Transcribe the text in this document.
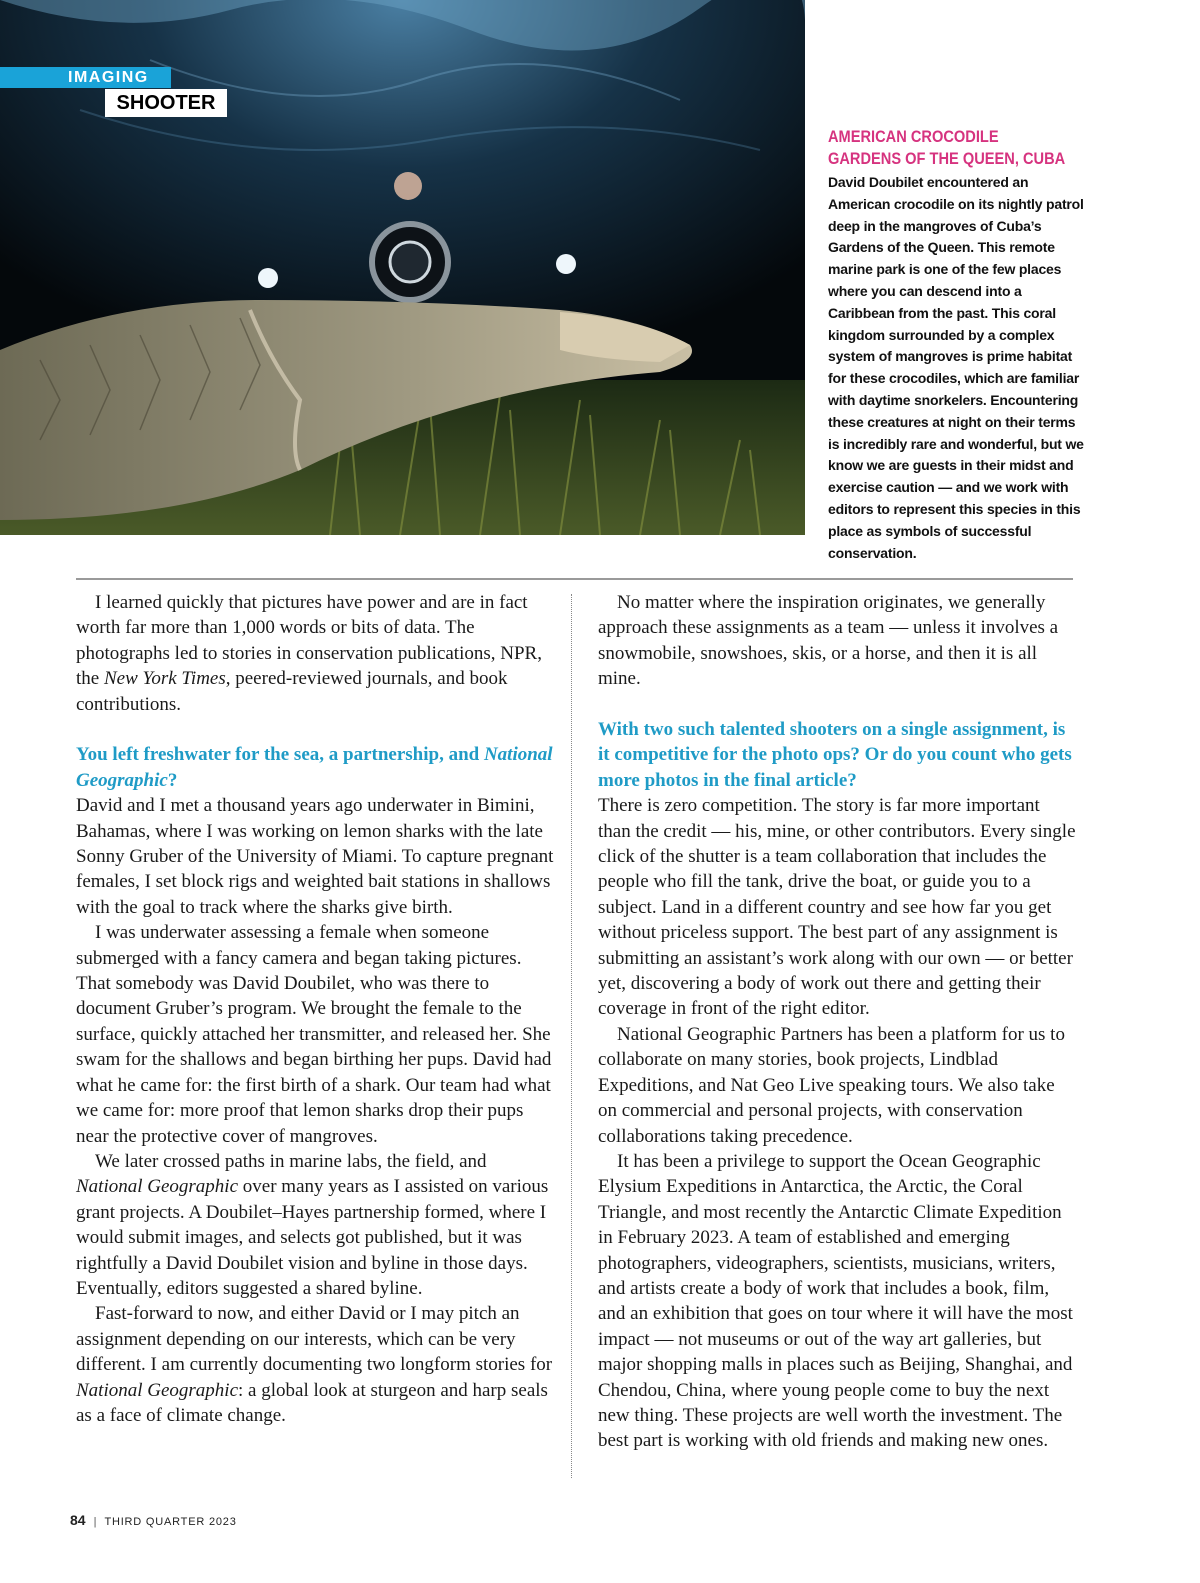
IMAGING
SHOOTER
AMERICAN CROCODILE
GARDENS OF THE QUEEN, CUBA
David Doubilet encountered an American crocodile on its nightly patrol deep in the mangroves of Cuba’s Gardens of the Queen. This remote marine park is one of the few places where you can descend into a Caribbean from the past. This coral kingdom surrounded by a complex system of mangroves is prime habitat for these crocodiles, which are familiar with daytime snorkelers. Encountering these creatures at night on their terms is incredibly rare and wonderful, but we know we are guests in their midst and exercise caution — and we work with editors to represent this species in this place as symbols of successful conservation.

I learned quickly that pictures have power and are in fact worth far more than 1,000 words or bits of data. The photographs led to stories in conservation publications, NPR, the New York Times, peered-reviewed journals, and book contributions.

You left freshwater for the sea, a partnership, and National Geographic?

David and I met a thousand years ago underwater in Bimini, Bahamas, where I was working on lemon sharks with the late Sonny Gruber of the University of Miami. To capture pregnant females, I set block rigs and weighted bait stations in shallows with the goal to track where the sharks give birth.

I was underwater assessing a female when someone submerged with a fancy camera and began taking pictures. That somebody was David Doubilet, who was there to document Gruber’s program. We brought the female to the surface, quickly attached her transmitter, and released her. She swam for the shallows and began birthing her pups. David had what he came for: the first birth of a shark. Our team had what we came for: more proof that lemon sharks drop their pups near the protective cover of mangroves.

We later crossed paths in marine labs, the field, and National Geographic over many years as I assisted on various grant projects. A Doubilet–Hayes partnership formed, where I would submit images, and selects got published, but it was rightfully a David Doubilet vision and byline in those days. Eventually, editors suggested a shared byline.

Fast-forward to now, and either David or I may pitch an assignment depending on our interests, which can be very different. I am currently documenting two longform stories for National Geographic: a global look at sturgeon and harp seals as a face of climate change.

No matter where the inspiration originates, we generally approach these assignments as a team — unless it involves a snowmobile, snowshoes, skis, or a horse, and then it is all mine.

With two such talented shooters on a single assignment, is it competitive for the photo ops? Or do you count who gets more photos in the final article?

There is zero competition. The story is far more important than the credit — his, mine, or other contributors. Every single click of the shutter is a team collaboration that includes the people who fill the tank, drive the boat, or guide you to a subject. Land in a different country and see how far you get without priceless support. The best part of any assignment is submitting an assistant’s work along with our own — or better yet, discovering a body of work out there and getting their coverage in front of the right editor.

National Geographic Partners has been a platform for us to collaborate on many stories, book projects, Lindblad Expeditions, and Nat Geo Live speaking tours. We also take on commercial and personal projects, with conservation collaborations taking precedence.

It has been a privilege to support the Ocean Geographic Elysium Expeditions in Antarctica, the Arctic, the Coral Triangle, and most recently the Antarctic Climate Expedition in February 2023. A team of established and emerging photographers, videographers, scientists, musicians, writers, and artists create a body of work that includes a book, film, and an exhibition that goes on tour where it will have the most impact — not museums or out of the way art galleries, but major shopping malls in places such as Beijing, Shanghai, and Chendou, China, where young people come to buy the next new thing. These projects are well worth the investment. The best part is working with old friends and making new ones.

84 | THIRD QUARTER 2023
